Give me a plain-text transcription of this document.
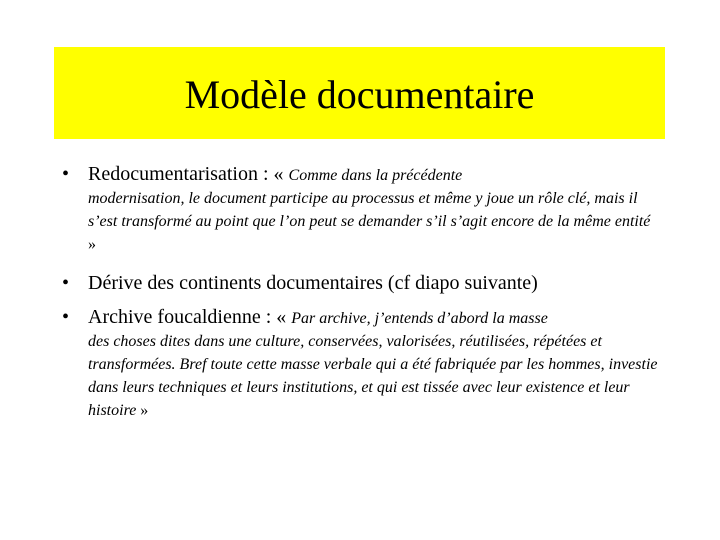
Modèle documentaire
• Redocumentarisation : « Comme dans la précédente
modernisation, le document participe au processus et même y joue un rôle clé, mais il s’est transformé au point que l’on peut se demander s’il s’agit encore de la même entité »
• Dérive des continents documentaires (cf diapo suivante)
• Archive foucaldienne : « Par archive, j’entends d’abord la masse
des choses dites dans une culture, conservées, valorisées, réutilisées, répétées et transformées. Bref toute cette masse verbale qui a été fabriquée par les hommes, investie dans leurs techniques et leurs institutions, et qui est tissée avec leur existence et leur histoire »
